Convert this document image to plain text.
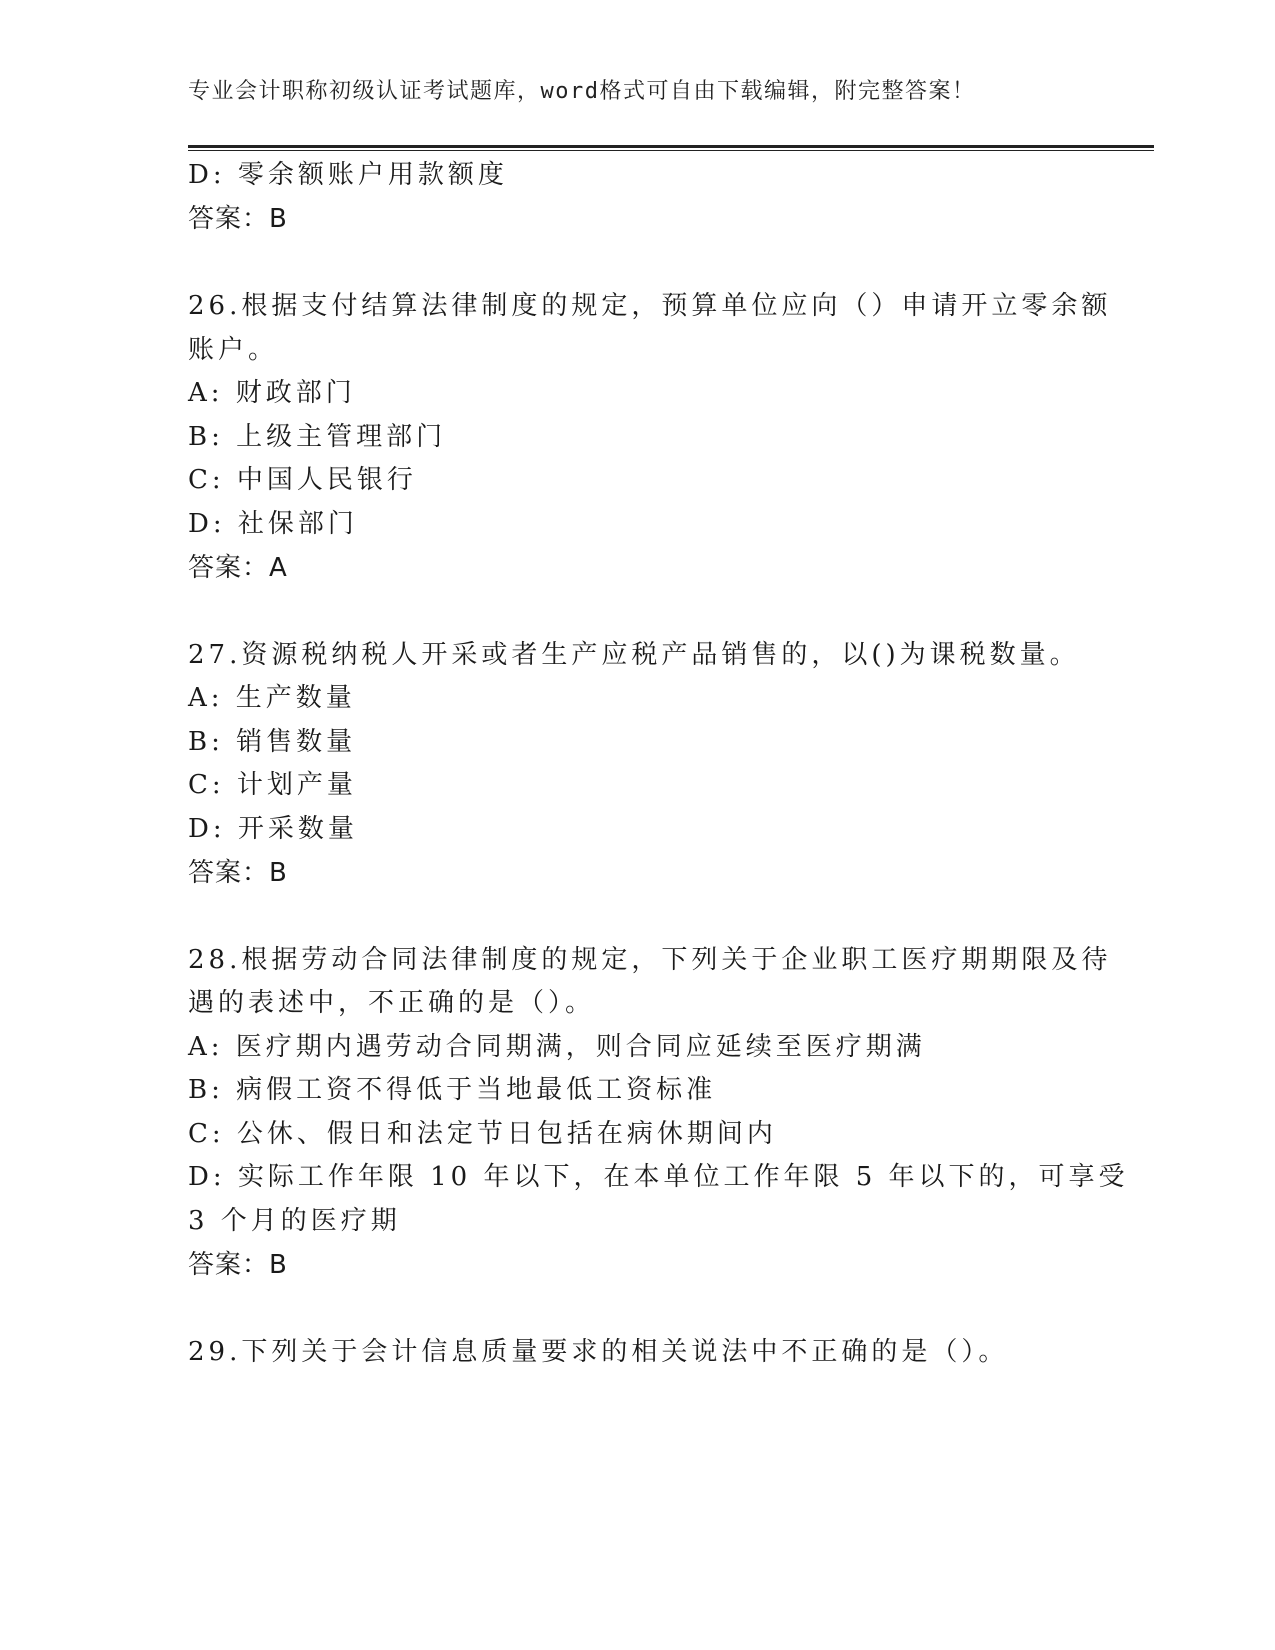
专业会计职称初级认证考试题库，word格式可自由下载编辑，附完整答案！
D: 零余额账户用款额度
答案：B
26.根据支付结算法律制度的规定，预算单位应向（）申请开立零余额
账户。
A: 财政部门
B: 上级主管理部门
C: 中国人民银行
D: 社保部门
答案：A
27.资源税纳税人开采或者生产应税产品销售的，以()为课税数量。
A: 生产数量
B: 销售数量
C: 计划产量
D: 开采数量
答案：B
28.根据劳动合同法律制度的规定，下列关于企业职工医疗期期限及待
遇的表述中，不正确的是（）。
A: 医疗期内遇劳动合同期满，则合同应延续至医疗期满
B: 病假工资不得低于当地最低工资标准
C: 公休、假日和法定节日包括在病休期间内
D: 实际工作年限 10 年以下，在本单位工作年限 5 年以下的，可享受
3 个月的医疗期
答案：B
29.下列关于会计信息质量要求的相关说法中不正确的是（）。
